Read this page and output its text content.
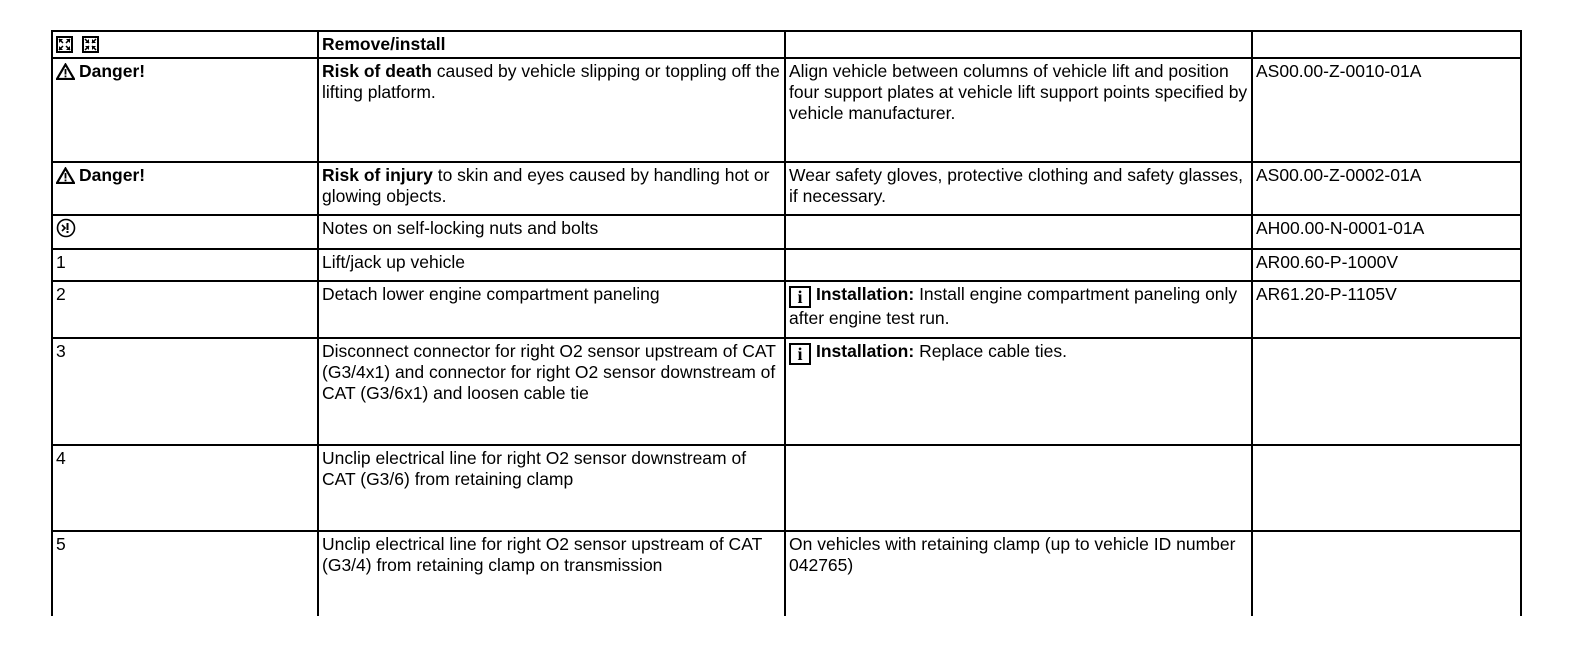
	Remove/install		
Danger!	Risk of death caused by vehicle slipping or toppling off the lifting platform.	Align vehicle between columns of vehicle lift and position four support plates at vehicle lift support points specified by vehicle manufacturer.	AS00.00-Z-0010-01A
Danger!	Risk of injury to skin and eyes caused by handling hot or glowing objects.	Wear safety gloves, protective clothing and safety glasses, if necessary.	AS00.00-Z-0002-01A
	Notes on self-locking nuts and bolts		AH00.00-N-0001-01A
1	Lift/jack up vehicle		AR00.60-P-1000V
2	Detach lower engine compartment paneling	i Installation: Install engine compartment paneling only after engine test run.	AR61.20-P-1105V
3	Disconnect connector for right O2 sensor upstream of CAT (G3/4x1) and connector for right O2 sensor downstream of CAT (G3/6x1) and loosen cable tie	i Installation: Replace cable ties.	
4	Unclip electrical line for right O2 sensor downstream of CAT (G3/6) from retaining clamp		
5	Unclip electrical line for right O2 sensor upstream of CAT (G3/4) from retaining clamp on transmission	On vehicles with retaining clamp (up to vehicle ID number 042765)	
